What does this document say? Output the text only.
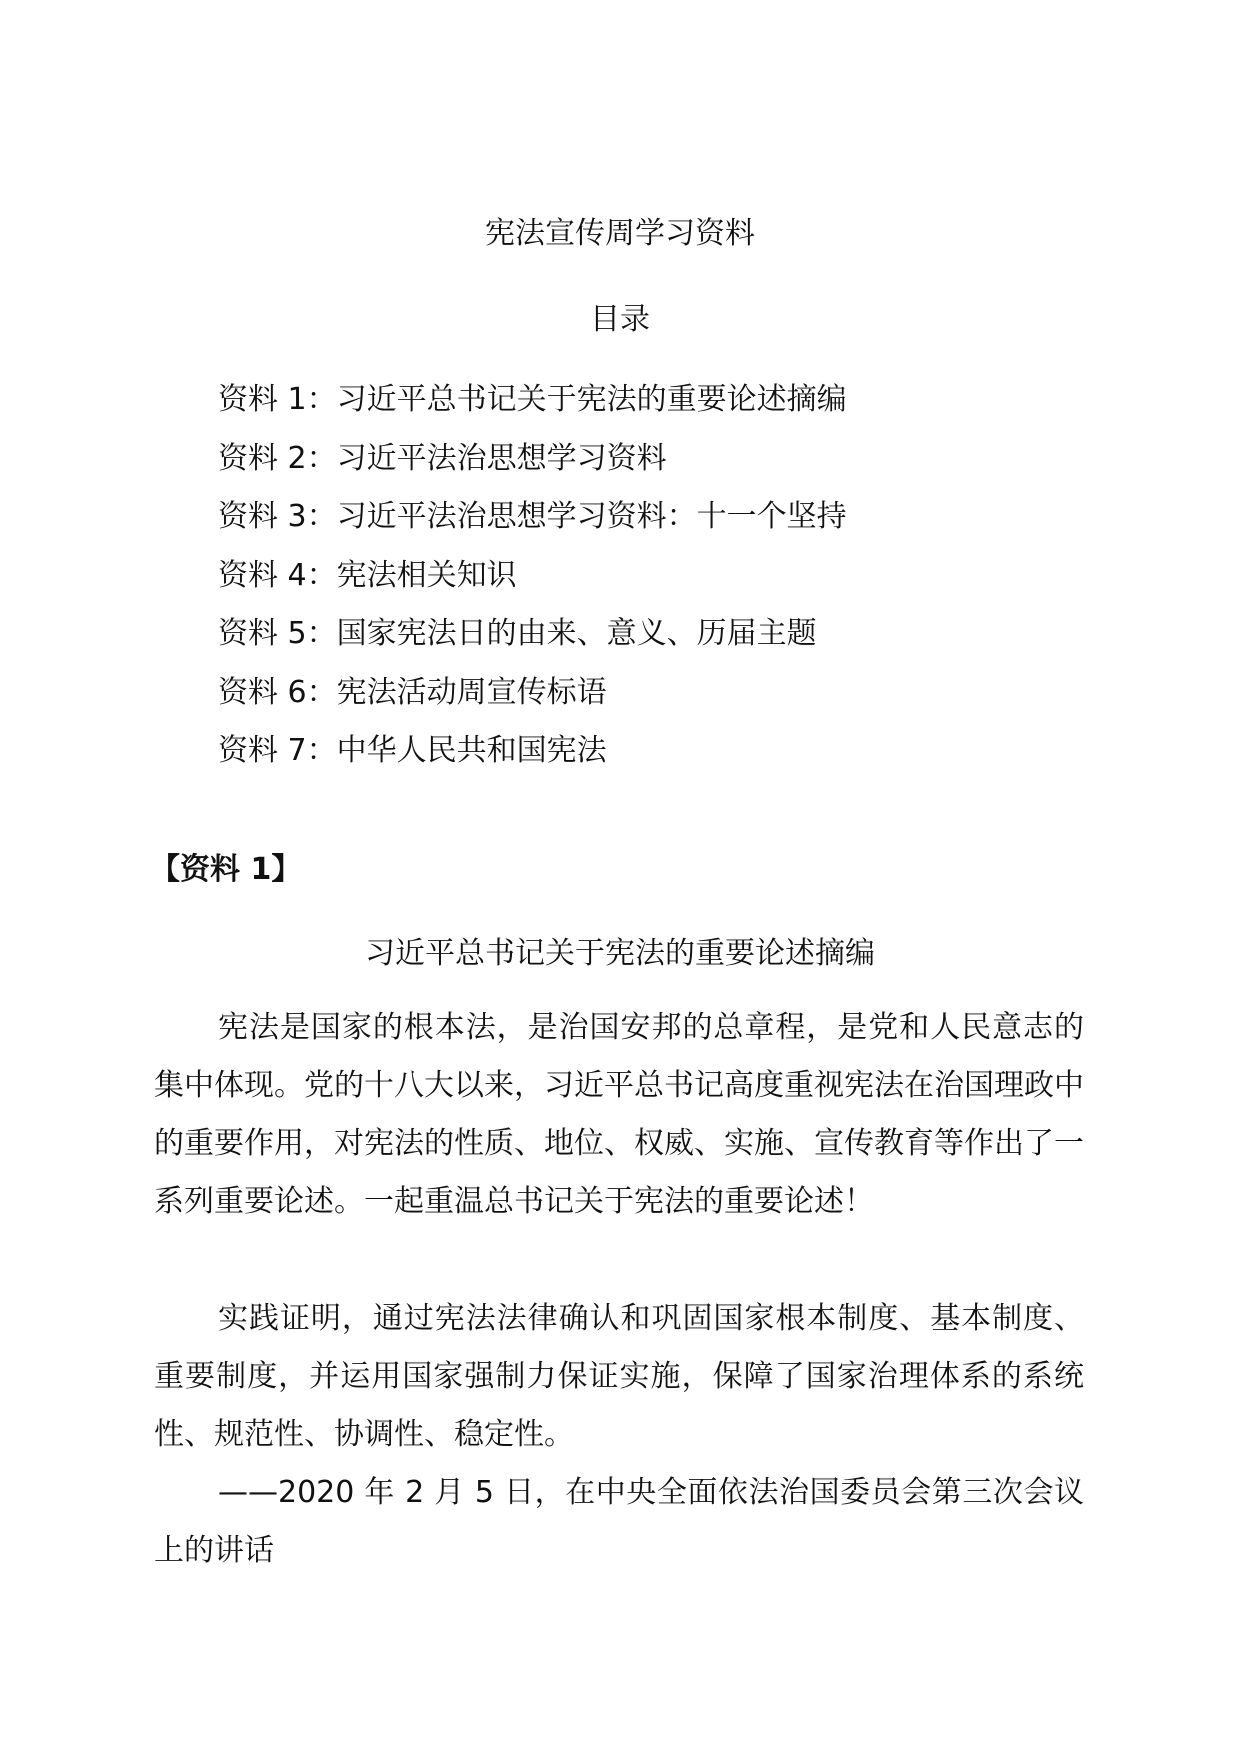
宪法宣传周学习资料
目录
资料 1：习近平总书记关于宪法的重要论述摘编
资料 2：习近平法治思想学习资料
资料 3：习近平法治思想学习资料：十一个坚持
资料 4：宪法相关知识
资料 5：国家宪法日的由来、意义、历届主题
资料 6：宪法活动周宣传标语
资料 7：中华人民共和国宪法
【资料 1】
习近平总书记关于宪法的重要论述摘编

宪法是国家的根本法，是治国安邦的总章程，是党和人民意志的集中体现。党的十八大以来，习近平总书记高度重视宪法在治国理政中的重要作用，对宪法的性质、地位、权威、实施、宣传教育等作出了一系列重要论述。一起重温总书记关于宪法的重要论述！

实践证明，通过宪法法律确认和巩固国家根本制度、基本制度、重要制度，并运用国家强制力保证实施，保障了国家治理体系的系统性、规范性、协调性、稳定性。

——2020 年 2 月 5 日，在中央全面依法治国委员会第三次会议上的讲话
